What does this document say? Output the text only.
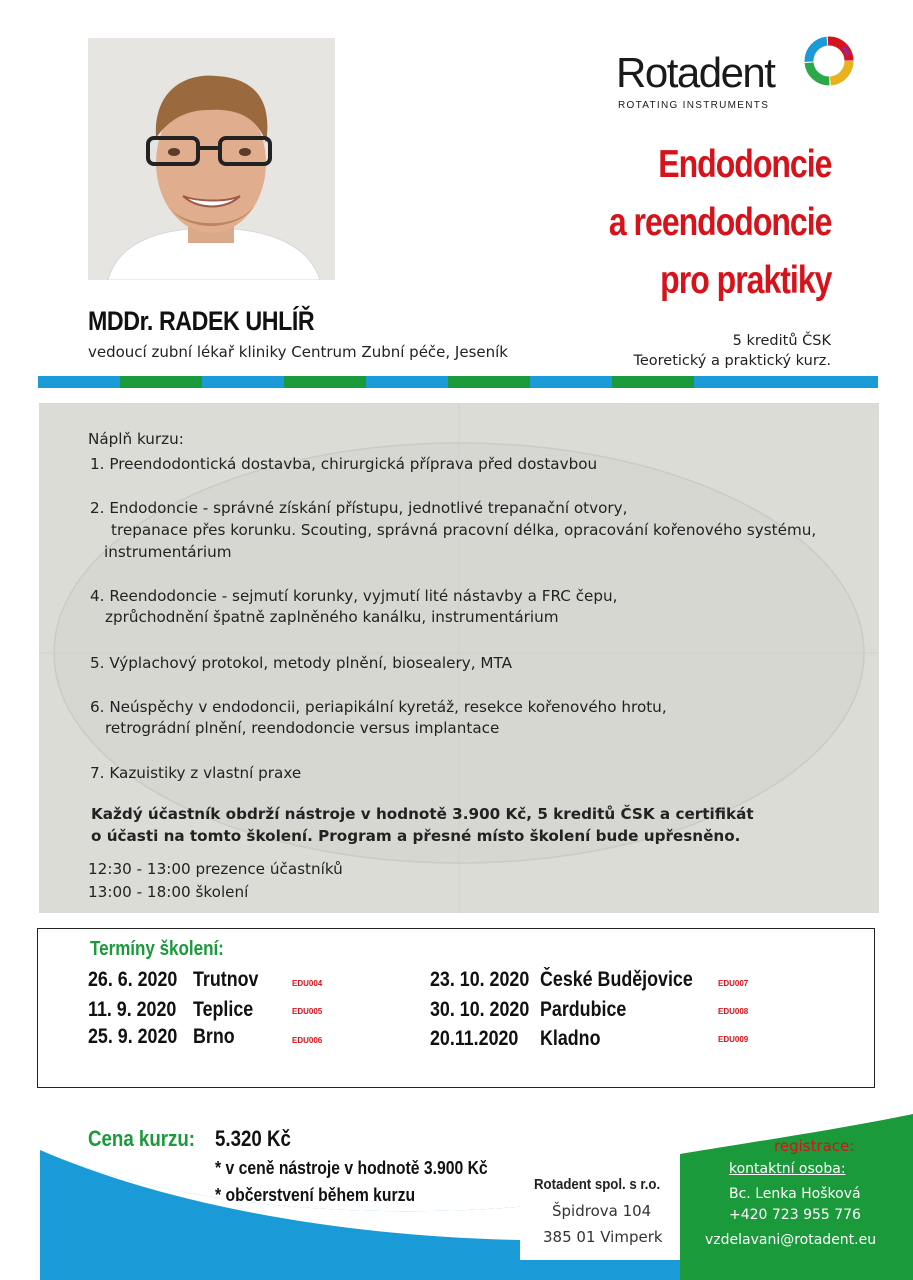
Rotadent
ROTATING INSTRUMENTS
Endodoncie
a reendodoncie
pro praktiky
MDDr. RADEK UHLÍŘ
vedoucí zubní lékař kliniky Centrum Zubní péče, Jeseník
5 kreditů ČSK
Teoretický a praktický kurz.
Náplň kurzu:
1. Preendodontická dostavba, chirurgická příprava před dostavbou
2. Endodoncie - správné získání přístupu, jednotlivé trepanační otvory,
trepanace přes korunku. Scouting, správná pracovní délka, opracování kořenového systému,
instrumentárium
4. Reendodoncie - sejmutí korunky, vyjmutí lité nástavby a FRC čepu,
zprůchodnění špatně zaplněného kanálku, instrumentárium
5. Výplachový protokol, metody plnění, biosealery, MTA
6. Neúspěchy v endodoncii, periapikální kyretáž, resekce kořenového hrotu,
retrográdní plnění, reendodoncie versus implantace
7. Kazuistiky z vlastní praxe
Každý účastník obdrží nástroje v hodnotě 3.900 Kč, 5 kreditů ČSK a certifikát
o účasti na tomto školení. Program a přesné místo školení bude upřesněno.
12:30 - 13:00 prezence účastníků
13:00 - 18:00 školení
Termíny školení:
26. 6. 2020 Trutnov	EDU004
11. 9. 2020 Teplice	EDU005
25. 9. 2020 Brno	EDU006
23. 10. 2020 České Budějovice	EDU007
30. 10. 2020 Pardubice	EDU008
20.11.2020 Kladno	EDU009
Cena kurzu: 5.320 Kč
* v ceně nástroje v hodnotě 3.900 Kč
* občerstvení během kurzu	Rotadent spol. s r.o.
Špidrova 104
385 01 Vimperk
registrace:
kontaktní osoba:
Bc. Lenka Hošková
+420 723 955 776
vzdelavani@rotadent.eu
